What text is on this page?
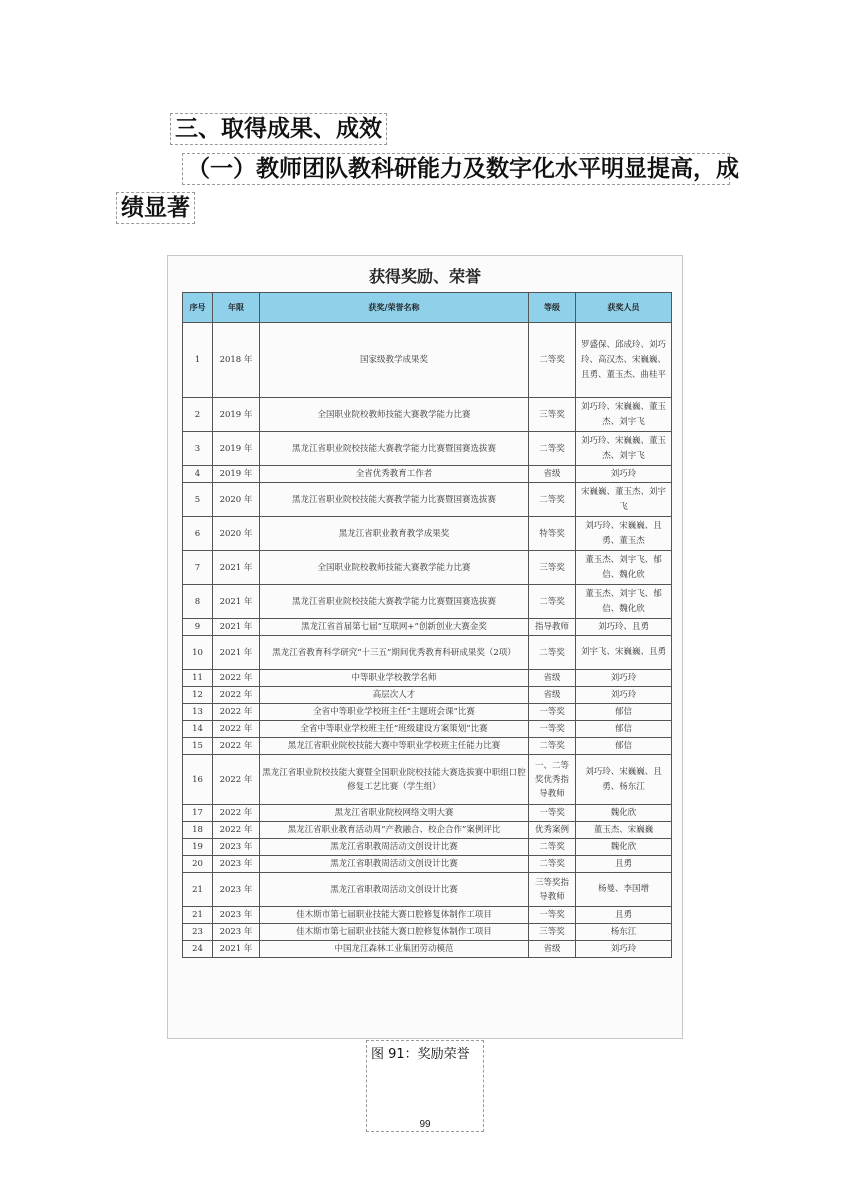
三、取得成果、成效
（一）教师团队教科研能力及数字化水平明显提高，成
绩显著
获得奖励、荣誉
序号	年限	获奖/荣誉名称	等级	获奖人员
1	2018 年	国家级教学成果奖	二等奖	罗盛保、邱成玲、刘巧玲、高汉杰、宋巍巍、且勇、董玉杰、曲桂平
2	2019 年	全国职业院校教师技能大赛教学能力比赛	三等奖	刘巧玲、宋巍巍、董玉杰、刘宇飞
3	2019 年	黑龙江省职业院校技能大赛教学能力比赛暨国赛选拔赛	二等奖	刘巧玲、宋巍巍、董玉杰、刘宇飞
4	2019 年	全省优秀教育工作者	省级	刘巧玲
5	2020 年	黑龙江省职业院校技能大赛教学能力比赛暨国赛选拔赛	二等奖	宋巍巍、董玉杰、刘宇飞
6	2020 年	黑龙江省职业教育教学成果奖	特等奖	刘巧玲、宋巍巍、且勇、董玉杰
7	2021 年	全国职业院校教师技能大赛教学能力比赛	三等奖	董玉杰、刘宇飞、郁信、魏化欣
8	2021 年	黑龙江省职业院校技能大赛教学能力比赛暨国赛选拔赛	二等奖	董玉杰、刘宇飞、郁信、魏化欣
9	2021 年	黑龙江省首届第七届“互联网+”创新创业大赛金奖	指导教师	刘巧玲、且勇
10	2021 年	黑龙江省教育科学研究“十三五”期间优秀教育科研成果奖（2项）	二等奖	刘宇飞、宋巍巍、且勇
11	2022 年	中等职业学校教学名师	省级	刘巧玲
12	2022 年	高层次人才	省级	刘巧玲
13	2022 年	全省中等职业学校班主任“主题班会课”比赛	一等奖	郁信
14	2022 年	全省中等职业学校班主任“班级建设方案策划”比赛	一等奖	郁信
15	2022 年	黑龙江省职业院校技能大赛中等职业学校班主任能力比赛	二等奖	郁信
16	2022 年	黑龙江省职业院校技能大赛暨全国职业院校技能大赛选拔赛中职组口腔修复工艺比赛（学生组）	一、二等奖优秀指导教师	刘巧玲、宋巍巍、且勇、杨东江
17	2022 年	黑龙江省职业院校网络文明大赛	一等奖	魏化欣
18	2022 年	黑龙江省职业教育活动周“产教融合、校企合作”案例评比	优秀案例	董玉杰、宋巍巍
19	2023 年	黑龙江省职教周活动文创设计比赛	二等奖	魏化欣
20	2023 年	黑龙江省职教周活动文创设计比赛	二等奖	且勇
21	2023 年	黑龙江省职教周活动文创设计比赛	三等奖指导教师	杨曼、李国增
21	2023 年	佳木斯市第七届职业技能大赛口腔修复体制作工项目	一等奖	且勇
23	2023 年	佳木斯市第七届职业技能大赛口腔修复体制作工项目	三等奖	杨东江
24	2021 年	中国龙江森林工业集团劳动模范	省级	刘巧玲
图 91：奖励荣誉
99
